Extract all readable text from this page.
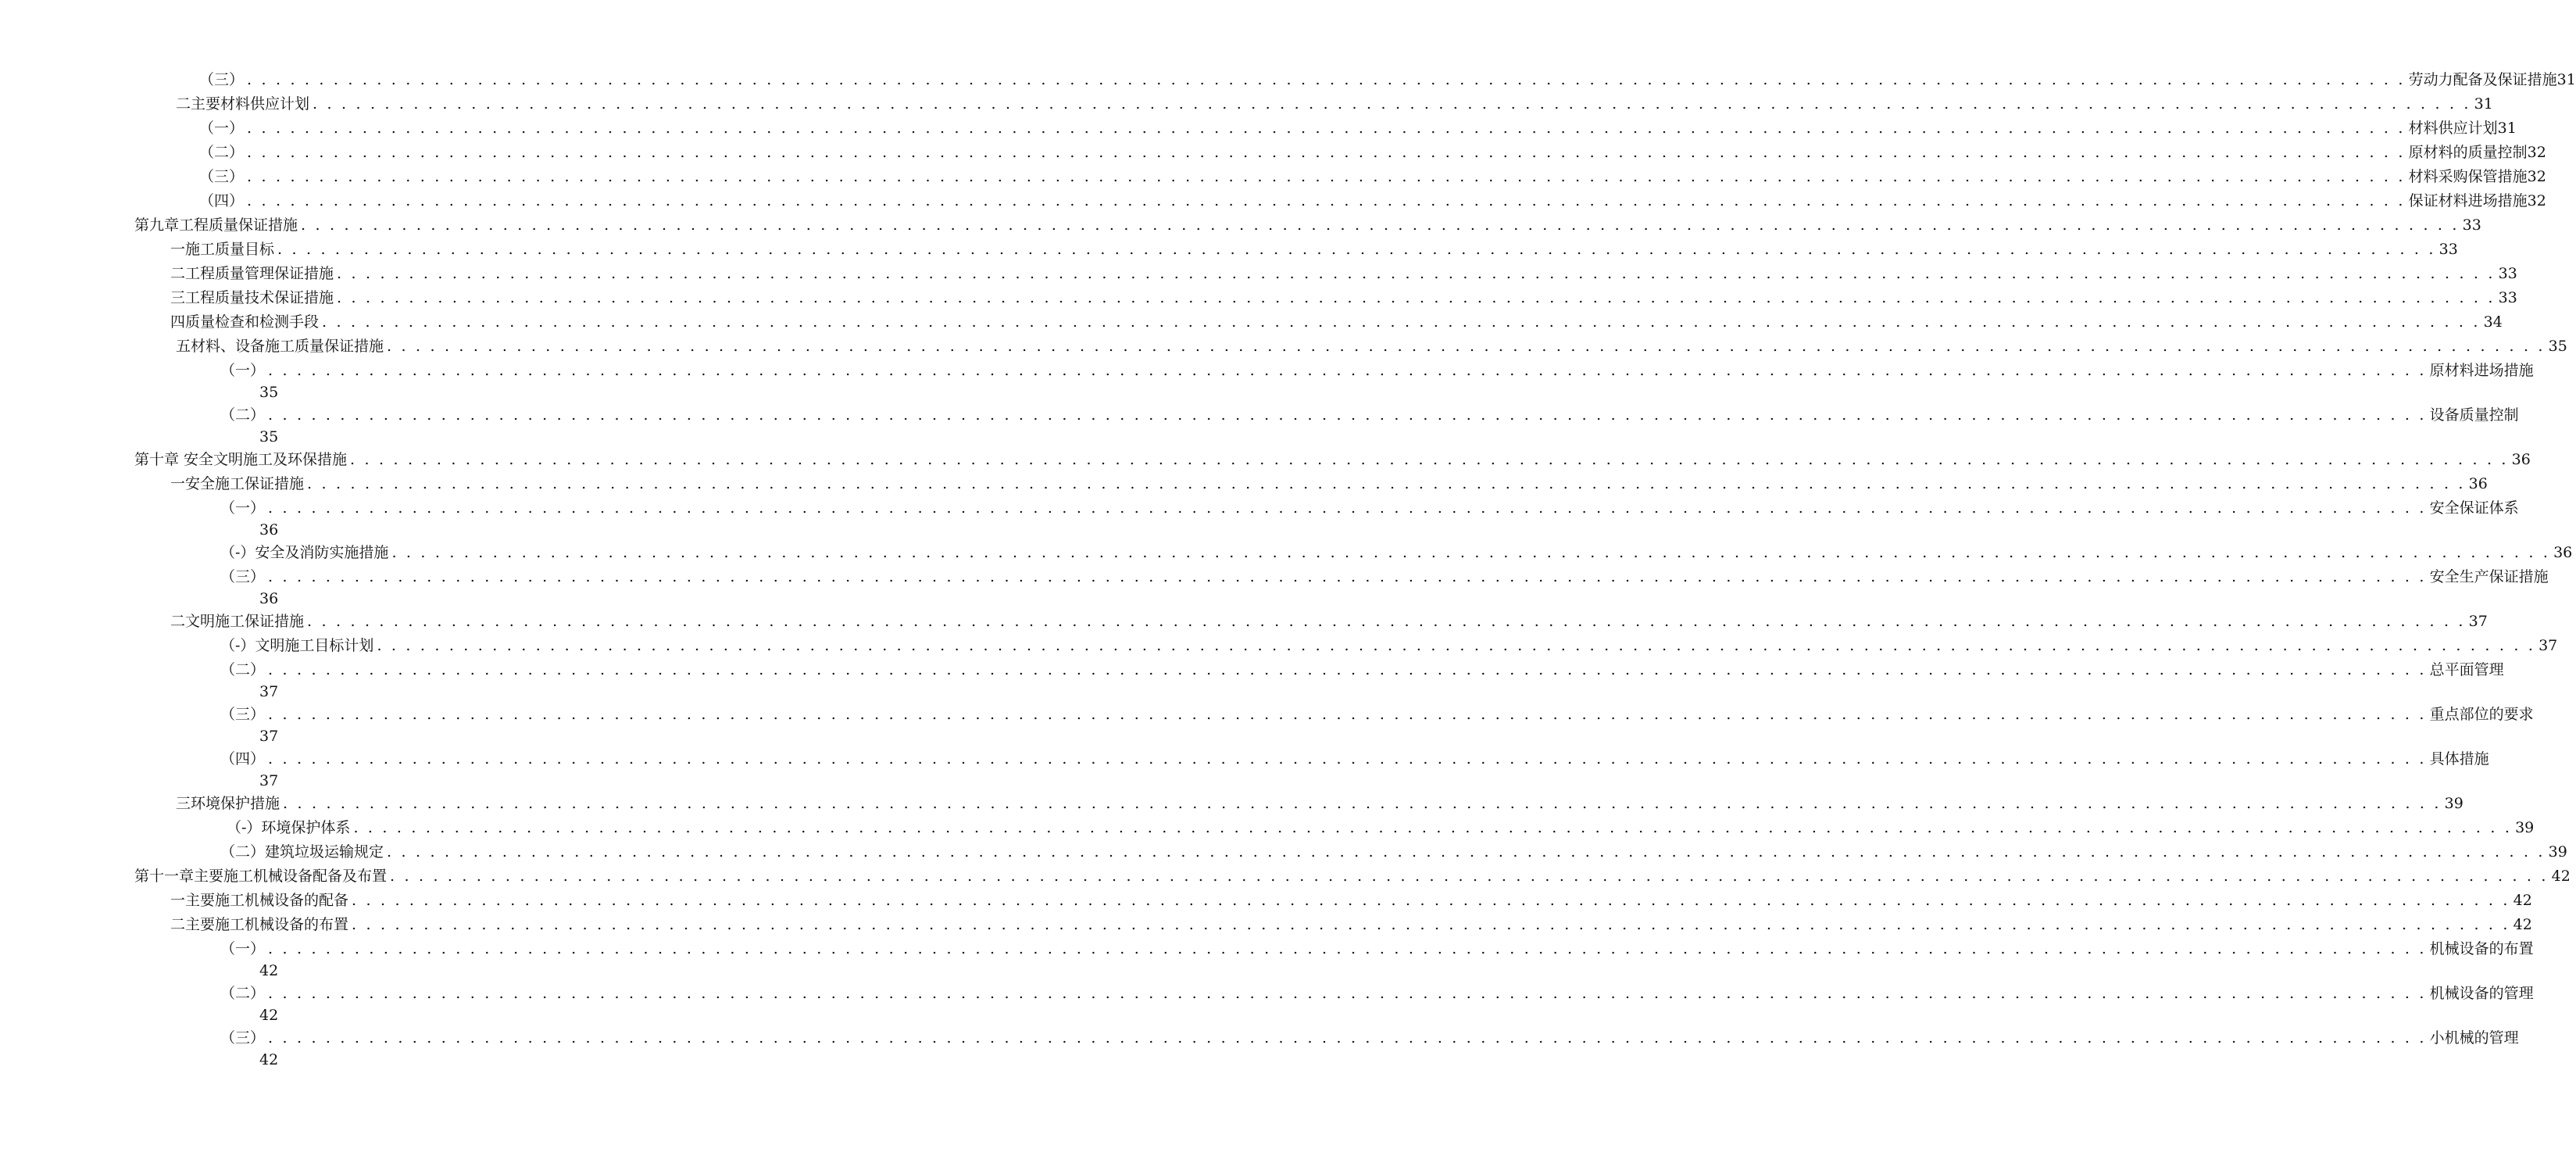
（三） . . . . . . . . . . . . . . . . . . . . . . . . . . . . . . . . . . . . . . . . . . . . . . . . . . . . . . . . . . . . . . . . . . . . . . . . . . . . . . . . . . . . . . . . . . . . . . . . . . . . . . . . . . . . . . . . . . . . . . . . . . . . . . . . . . . . . . . . . . . . . . . . . . . . . . 劳动力配备及保证措施 31
二 主要材料供应计划 . . . . . . . . . . . . . . . . . . . . . . . . . . . . . . . . . . . . . . . . . . . . . . . . . . . . . . . . . . . . . . . . . . . . . . . . . . . . . . . . . . . . . . . . . . . . . . . . . . . . . . . . . . . . . . . . . . . . . . . . . . . . . . . . . . . . . . . . . . . . . . . . . . . . . . 31
（一） . . . . . . . . . . . . . . . . . . . . . . . . . . . . . . . . . . . . . . . . . . . . . . . . . . . . . . . . . . . . . . . . . . . . . . . . . . . . . . . . . . . . . . . . . . . . . . . . . . . . . . . . . . . . . . . . . . . . . . . . . . . . . . . . . . . . . . . . . . . . . . . . . . . . . . 材料供应计划 31
（二） . . . . . . . . . . . . . . . . . . . . . . . . . . . . . . . . . . . . . . . . . . . . . . . . . . . . . . . . . . . . . . . . . . . . . . . . . . . . . . . . . . . . . . . . . . . . . . . . . . . . . . . . . . . . . . . . . . . . . . . . . . . . . . . . . . . . . . . . . . . . . . . . . . . . . . 原材料的质量控制 32
（三） . . . . . . . . . . . . . . . . . . . . . . . . . . . . . . . . . . . . . . . . . . . . . . . . . . . . . . . . . . . . . . . . . . . . . . . . . . . . . . . . . . . . . . . . . . . . . . . . . . . . . . . . . . . . . . . . . . . . . . . . . . . . . . . . . . . . . . . . . . . . . . . . . . . . . . 材料采购保管措施 32
（四） . . . . . . . . . . . . . . . . . . . . . . . . . . . . . . . . . . . . . . . . . . . . . . . . . . . . . . . . . . . . . . . . . . . . . . . . . . . . . . . . . . . . . . . . . . . . . . . . . . . . . . . . . . . . . . . . . . . . . . . . . . . . . . . . . . . . . . . . . . . . . . . . . . . . . . 保证材料进场措施 32
第九章工程质量保证措施 . . . . . . . . . . . . . . . . . . . . . . . . . . . . . . . . . . . . . . . . . . . . . . . . . . . . . . . . . . . . . . . . . . . . . . . . . . . . . . . . . . . . . . . . . . . . . . . . . . . . . . . . . . . . . . . . . . . . . . . . . . . . . . . . . . . . . . . . . . . . . . . . . . . . . . 33
一施工质量目标 . . . . . . . . . . . . . . . . . . . . . . . . . . . . . . . . . . . . . . . . . . . . . . . . . . . . . . . . . . . . . . . . . . . . . . . . . . . . . . . . . . . . . . . . . . . . . . . . . . . . . . . . . . . . . . . . . . . . . . . . . . . . . . . . . . . . . . . . . . . . . . . . . . . . . . 33
二工程质量管理保证措施 . . . . . . . . . . . . . . . . . . . . . . . . . . . . . . . . . . . . . . . . . . . . . . . . . . . . . . . . . . . . . . . . . . . . . . . . . . . . . . . . . . . . . . . . . . . . . . . . . . . . . . . . . . . . . . . . . . . . . . . . . . . . . . . . . . . . . . . . . . . . . . . . . . . . . . 33
三工程质量技术保证措施 . . . . . . . . . . . . . . . . . . . . . . . . . . . . . . . . . . . . . . . . . . . . . . . . . . . . . . . . . . . . . . . . . . . . . . . . . . . . . . . . . . . . . . . . . . . . . . . . . . . . . . . . . . . . . . . . . . . . . . . . . . . . . . . . . . . . . . . . . . . . . . . . . . . . . . 33
四质量检查和检测手段 . . . . . . . . . . . . . . . . . . . . . . . . . . . . . . . . . . . . . . . . . . . . . . . . . . . . . . . . . . . . . . . . . . . . . . . . . . . . . . . . . . . . . . . . . . . . . . . . . . . . . . . . . . . . . . . . . . . . . . . . . . . . . . . . . . . . . . . . . . . . . . . . . . . . . . 34
五 材料、设备施工质量保证措施 . . . . . . . . . . . . . . . . . . . . . . . . . . . . . . . . . . . . . . . . . . . . . . . . . . . . . . . . . . . . . . . . . . . . . . . . . . . . . . . . . . . . . . . . . . . . . . . . . . . . . . . . . . . . . . . . . . . . . . . . . . . . . . . . . . . . . . . . . . . . . . . . . . . . . . 35
（一） . . . . . . . . . . . . . . . . . . . . . . . . . . . . . . . . . . . . . . . . . . . . . . . . . . . . . . . . . . . . . . . . . . . . . . . . . . . . . . . . . . . . . . . . . . . . . . . . . . . . . . . . . . . . . . . . . . . . . . . . . . . . . . . . . . . . . . . . . . . . . . . . . . . . . . 原材料进场措施
35
（二） . . . . . . . . . . . . . . . . . . . . . . . . . . . . . . . . . . . . . . . . . . . . . . . . . . . . . . . . . . . . . . . . . . . . . . . . . . . . . . . . . . . . . . . . . . . . . . . . . . . . . . . . . . . . . . . . . . . . . . . . . . . . . . . . . . . . . . . . . . . . . . . . . . . . . . 设备质量控制
35
第十章 安全文明施工及环保措施 . . . . . . . . . . . . . . . . . . . . . . . . . . . . . . . . . . . . . . . . . . . . . . . . . . . . . . . . . . . . . . . . . . . . . . . . . . . . . . . . . . . . . . . . . . . . . . . . . . . . . . . . . . . . . . . . . . . . . . . . . . . . . . . . . . . . . . . . . . . . . . . . . . . . . . 36
一 安全施工保证措施 . . . . . . . . . . . . . . . . . . . . . . . . . . . . . . . . . . . . . . . . . . . . . . . . . . . . . . . . . . . . . . . . . . . . . . . . . . . . . . . . . . . . . . . . . . . . . . . . . . . . . . . . . . . . . . . . . . . . . . . . . . . . . . . . . . . . . . . . . . . . . . . . . . . . . . 36
（一） . . . . . . . . . . . . . . . . . . . . . . . . . . . . . . . . . . . . . . . . . . . . . . . . . . . . . . . . . . . . . . . . . . . . . . . . . . . . . . . . . . . . . . . . . . . . . . . . . . . . . . . . . . . . . . . . . . . . . . . . . . . . . . . . . . . . . . . . . . . . . . . . . . . . . . 安全保证体系
36
（-） 安全及消防实施措施 . . . . . . . . . . . . . . . . . . . . . . . . . . . . . . . . . . . . . . . . . . . . . . . . . . . . . . . . . . . . . . . . . . . . . . . . . . . . . . . . . . . . . . . . . . . . . . . . . . . . . . . . . . . . . . . . . . . . . . . . . . . . . . . . . . . . . . . . . . . . . . . . . . . . . . 36
（三） . . . . . . . . . . . . . . . . . . . . . . . . . . . . . . . . . . . . . . . . . . . . . . . . . . . . . . . . . . . . . . . . . . . . . . . . . . . . . . . . . . . . . . . . . . . . . . . . . . . . . . . . . . . . . . . . . . . . . . . . . . . . . . . . . . . . . . . . . . . . . . . . . . . . . . 安全生产保证措施
36
二 文明施工保证措施 . . . . . . . . . . . . . . . . . . . . . . . . . . . . . . . . . . . . . . . . . . . . . . . . . . . . . . . . . . . . . . . . . . . . . . . . . . . . . . . . . . . . . . . . . . . . . . . . . . . . . . . . . . . . . . . . . . . . . . . . . . . . . . . . . . . . . . . . . . . . . . . . . . . . . . 37
（-） 文明施工目标计划 . . . . . . . . . . . . . . . . . . . . . . . . . . . . . . . . . . . . . . . . . . . . . . . . . . . . . . . . . . . . . . . . . . . . . . . . . . . . . . . . . . . . . . . . . . . . . . . . . . . . . . . . . . . . . . . . . . . . . . . . . . . . . . . . . . . . . . . . . . . . . . . . . . . . . . 37
（二） . . . . . . . . . . . . . . . . . . . . . . . . . . . . . . . . . . . . . . . . . . . . . . . . . . . . . . . . . . . . . . . . . . . . . . . . . . . . . . . . . . . . . . . . . . . . . . . . . . . . . . . . . . . . . . . . . . . . . . . . . . . . . . . . . . . . . . . . . . . . . . . . . . . . . . 总平面管理
37
（三） . . . . . . . . . . . . . . . . . . . . . . . . . . . . . . . . . . . . . . . . . . . . . . . . . . . . . . . . . . . . . . . . . . . . . . . . . . . . . . . . . . . . . . . . . . . . . . . . . . . . . . . . . . . . . . . . . . . . . . . . . . . . . . . . . . . . . . . . . . . . . . . . . . . . . . 重点部位的要求
37
（四） . . . . . . . . . . . . . . . . . . . . . . . . . . . . . . . . . . . . . . . . . . . . . . . . . . . . . . . . . . . . . . . . . . . . . . . . . . . . . . . . . . . . . . . . . . . . . . . . . . . . . . . . . . . . . . . . . . . . . . . . . . . . . . . . . . . . . . . . . . . . . . . . . . . . . . 具体措施
37
三环境保护措施 . . . . . . . . . . . . . . . . . . . . . . . . . . . . . . . . . . . . . . . . . . . . . . . . . . . . . . . . . . . . . . . . . . . . . . . . . . . . . . . . . . . . . . . . . . . . . . . . . . . . . . . . . . . . . . . . . . . . . . . . . . . . . . . . . . . . . . . . . . . . . . . . . . . . . . 39
（-） 环境保护体系 . . . . . . . . . . . . . . . . . . . . . . . . . . . . . . . . . . . . . . . . . . . . . . . . . . . . . . . . . . . . . . . . . . . . . . . . . . . . . . . . . . . . . . . . . . . . . . . . . . . . . . . . . . . . . . . . . . . . . . . . . . . . . . . . . . . . . . . . . . . . . . . . . . . . . . 39
（二） 建筑垃圾运输规定 . . . . . . . . . . . . . . . . . . . . . . . . . . . . . . . . . . . . . . . . . . . . . . . . . . . . . . . . . . . . . . . . . . . . . . . . . . . . . . . . . . . . . . . . . . . . . . . . . . . . . . . . . . . . . . . . . . . . . . . . . . . . . . . . . . . . . . . . . . . . . . . . . . . . . . 39
第十一章主要施工机械设备配备及布置 . . . . . . . . . . . . . . . . . . . . . . . . . . . . . . . . . . . . . . . . . . . . . . . . . . . . . . . . . . . . . . . . . . . . . . . . . . . . . . . . . . . . . . . . . . . . . . . . . . . . . . . . . . . . . . . . . . . . . . . . . . . . . . . . . . . . . . . . . . . . . . . . . . . . . . 42
一主要施工机械设备的配备 . . . . . . . . . . . . . . . . . . . . . . . . . . . . . . . . . . . . . . . . . . . . . . . . . . . . . . . . . . . . . . . . . . . . . . . . . . . . . . . . . . . . . . . . . . . . . . . . . . . . . . . . . . . . . . . . . . . . . . . . . . . . . . . . . . . . . . . . . . . . . . . . . . . . . . 42
二主要施工机械设备的布置 . . . . . . . . . . . . . . . . . . . . . . . . . . . . . . . . . . . . . . . . . . . . . . . . . . . . . . . . . . . . . . . . . . . . . . . . . . . . . . . . . . . . . . . . . . . . . . . . . . . . . . . . . . . . . . . . . . . . . . . . . . . . . . . . . . . . . . . . . . . . . . . . . . . . . . 42
（一） . . . . . . . . . . . . . . . . . . . . . . . . . . . . . . . . . . . . . . . . . . . . . . . . . . . . . . . . . . . . . . . . . . . . . . . . . . . . . . . . . . . . . . . . . . . . . . . . . . . . . . . . . . . . . . . . . . . . . . . . . . . . . . . . . . . . . . . . . . . . . . . . . . . . . . 机械设备的布置
42
（二） . . . . . . . . . . . . . . . . . . . . . . . . . . . . . . . . . . . . . . . . . . . . . . . . . . . . . . . . . . . . . . . . . . . . . . . . . . . . . . . . . . . . . . . . . . . . . . . . . . . . . . . . . . . . . . . . . . . . . . . . . . . . . . . . . . . . . . . . . . . . . . . . . . . . . . 机械设备的管理
42
（三） . . . . . . . . . . . . . . . . . . . . . . . . . . . . . . . . . . . . . . . . . . . . . . . . . . . . . . . . . . . . . . . . . . . . . . . . . . . . . . . . . . . . . . . . . . . . . . . . . . . . . . . . . . . . . . . . . . . . . . . . . . . . . . . . . . . . . . . . . . . . . . . . . . . . . . 小机械的管理
42
